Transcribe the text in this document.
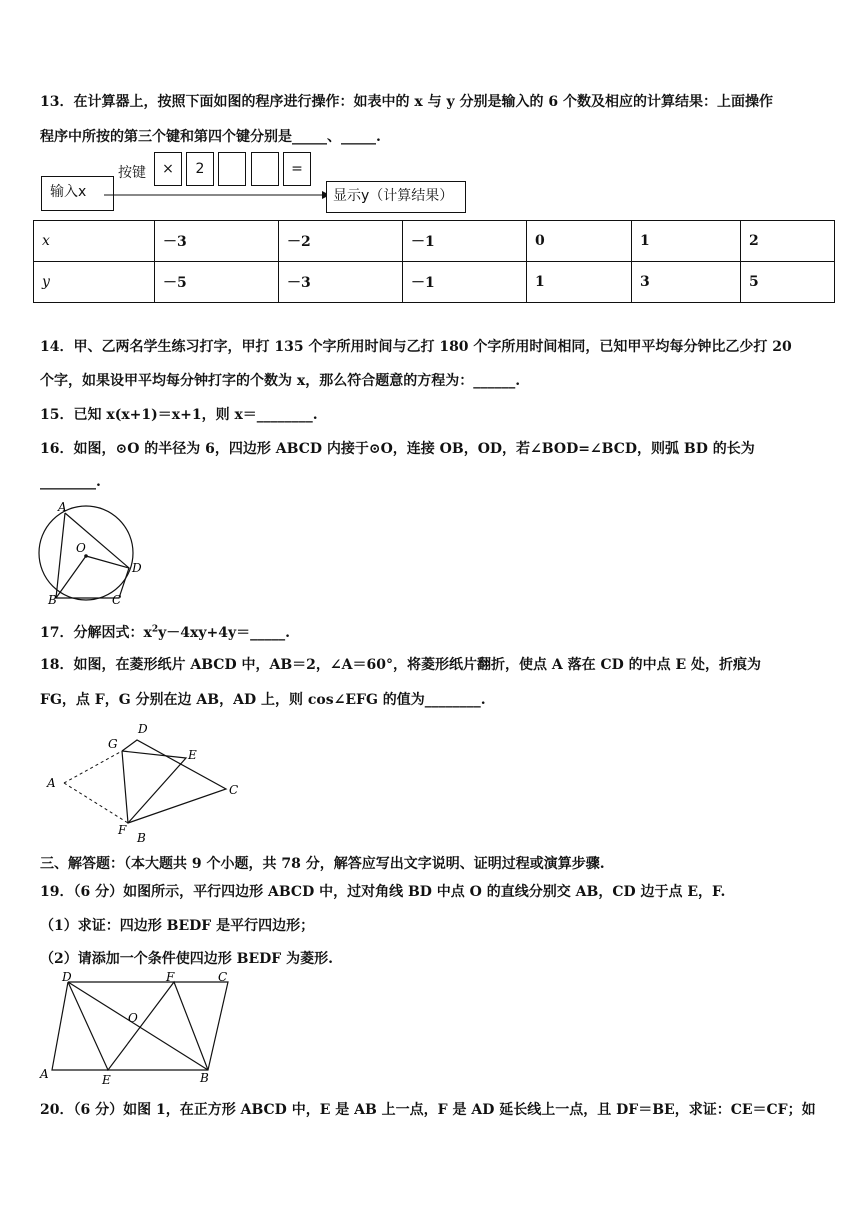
13．在计算器上，按照下面如图的程序进行操作：如表中的 x 与 y 分别是输入的 6 个数及相应的计算结果：上面操作
程序中所按的第三个键和第四个键分别是_____、_____.
输入x
按键	×	2	=
显示y（计算结果）
x	－3	－2	－1	0	1	2
y	－5	－3	－1	1	3	5
14．甲、乙两名学生练习打字，甲打 135 个字所用时间与乙打 180 个字所用时间相同，已知甲平均每分钟比乙少打 20
个字，如果设甲平均每分钟打字的个数为 x，那么符合题意的方程为：______.
15．已知 x(x+1)＝x+1，则 x＝________.
16．如图，⊙O 的半径为 6，四边形 ABCD 内接于⊙O，连接 OB，OD，若∠BOD=∠BCD，则弧 BD 的长为
________.
A
O
D
B	C
17．分解因式：$x^2y-4xy+4y=\_\_\_\_\_$.
18．如图，在菱形纸片 ABCD 中，AB＝2，∠A＝60°，将菱形纸片翻折，使点 A 落在 CD 的中点 E 处，折痕为
FG，点 F，G 分别在边 AB，AD 上，则 cos∠EFG 的值为________.
A
D
G
E
C
F
B
三、解答题：（本大题共 9 个小题，共 78 分，解答应写出文字说明、证明过程或演算步骤.
19．（6 分）如图所示，平行四边形 ABCD 中，过对角线 BD 中点 O 的直线分别交 AB，CD 边于点 E，F.
（1）求证：四边形 BEDF 是平行四边形；
（2）请添加一个条件使四边形 BEDF 为菱形.
D	F	C
O
A	E	B
20．（6 分）如图 1，在正方形 ABCD 中，E 是 AB 上一点，F 是 AD 延长线上一点，且 DF＝BE，求证：CE＝CF；如
